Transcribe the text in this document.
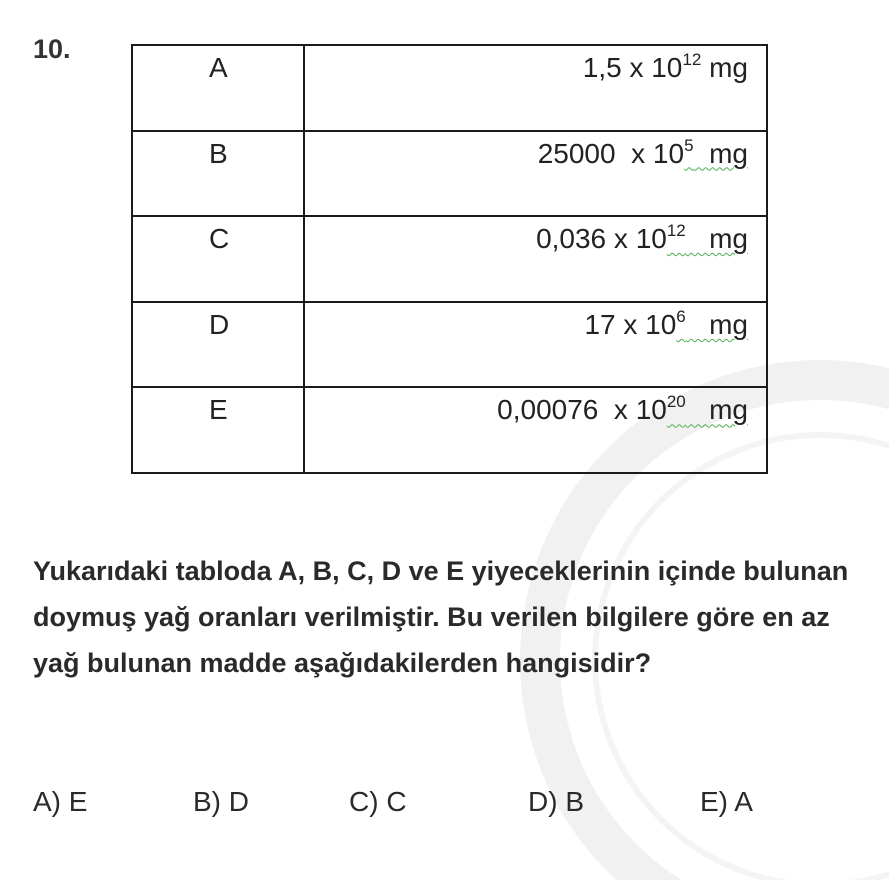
10.
A	1,5 x $10^{12}$ mg
B	25000  x $10^5$  mg
C	0,036 x $10^{12}$   mg
D	17 x $10^6$   mg
E	0,00076  x $10^{20}$   mg
Yukarıdaki tabloda A, B, C, D ve E yiyeceklerinin içinde bulunan doymuş yağ oranları verilmiştir. Bu verilen bilgilere göre en az yağ bulunan madde aşağıdakilerden hangisidir?
A) E	B) D	C) C	D) B	E) A
